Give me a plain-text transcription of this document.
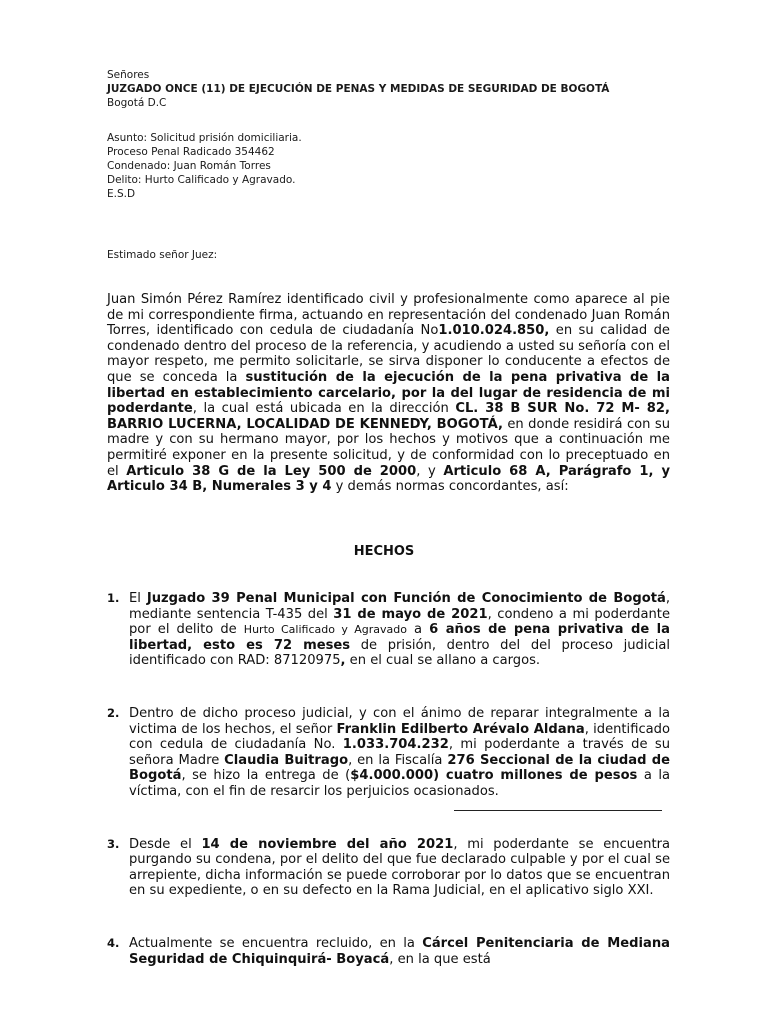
Señores
JUZGADO ONCE (11) DE EJECUCIÓN DE PENAS Y MEDIDAS DE SEGURIDAD DE BOGOTÁ
Bogotá D.C
Asunto: Solicitud prisión domiciliaria.
Proceso Penal Radicado 354462
Condenado: Juan Román Torres
Delito: Hurto Calificado y Agravado.
E.S.D
Estimado señor Juez:
Juan Simón Pérez Ramírez identificado civil y profesionalmente como aparece al pie de mi correspondiente firma, actuando en representación del condenado Juan Román Torres, identificado con cedula de ciudadanía No1.010.024.850, en su calidad de condenado dentro del proceso de la referencia, y acudiendo a usted su señoría con el mayor respeto, me permito solicitarle, se sirva disponer lo conducente a efectos de que se conceda la sustitución de la ejecución de la pena privativa de la libertad en establecimiento carcelario, por la del lugar de residencia de mi poderdante, la cual está ubicada en la dirección CL. 38 B SUR No. 72 M- 82, BARRIO LUCERNA, LOCALIDAD DE KENNEDY, BOGOTÁ, en donde residirá con su madre y con su hermano mayor, por los hechos y motivos que a continuación me permitiré exponer en la presente solicitud, y de conformidad con lo preceptuado en el Articulo 38 G de la Ley 500 de 2000, y Articulo 68 A, Parágrafo 1, y Articulo 34 B, Numerales 3 y 4 y demás normas concordantes, así:
HECHOS
1. El Juzgado 39 Penal Municipal con Función de Conocimiento de Bogotá, mediante sentencia T-435 del 31 de mayo de 2021, condeno a mi poderdante por el delito de Hurto Calificado y Agravado a 6 años de pena privativa de la libertad, esto es 72 meses de prisión, dentro del del proceso judicial identificado con RAD: 87120975, en el cual se allano a cargos.
2. Dentro de dicho proceso judicial, y con el ánimo de reparar integralmente a la victima de los hechos, el señor Franklin Edilberto Arévalo Aldana, identificado con cedula de ciudadanía No. 1.033.704.232, mi poderdante a través de su señora Madre Claudia Buitrago, en la Fiscalía 276 Seccional de la ciudad de Bogotá, se hizo la entrega de ($4.000.000) cuatro millones de pesos a la víctima, con el fin de resarcir los perjuicios ocasionados.
3. Desde el 14 de noviembre del año 2021, mi poderdante se encuentra purgando su condena, por el delito del que fue declarado culpable y por el cual se arrepiente, dicha información se puede corroborar por lo datos que se encuentran en su expediente, o en su defecto en la Rama Judicial, en el aplicativo siglo XXI.
4. Actualmente se encuentra recluido, en la Cárcel Penitenciaria de Mediana Seguridad de Chiquinquirá- Boyacá, en la que está
